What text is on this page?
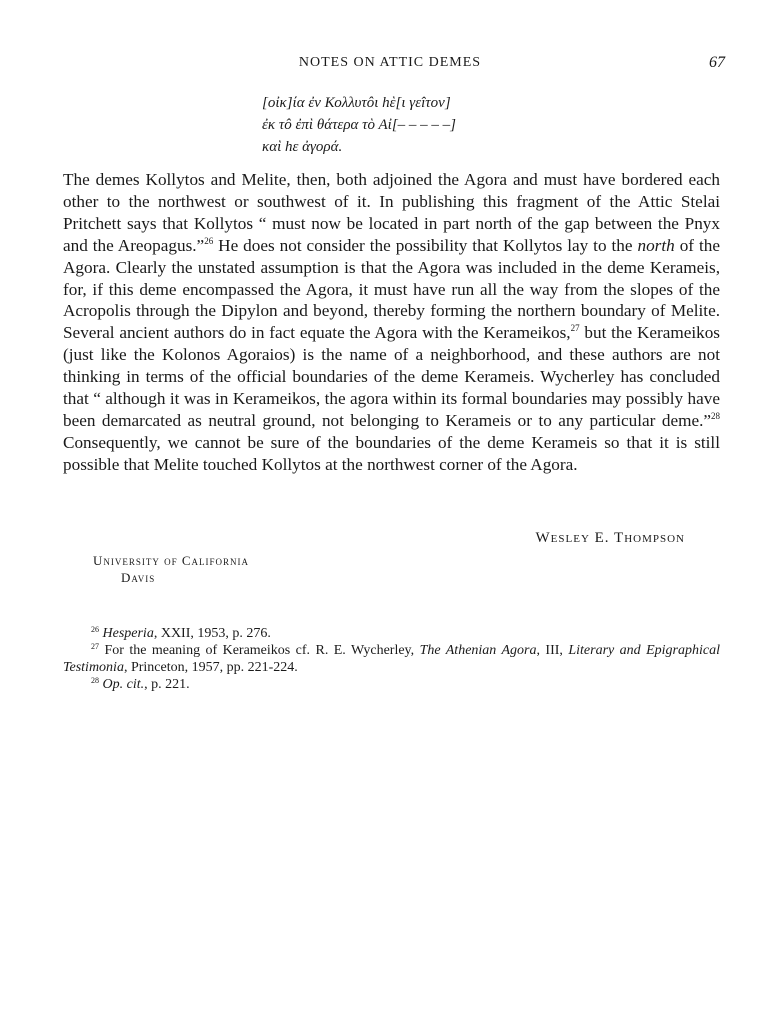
NOTES ON ATTIC DEMES	67
[οἰκ]ία ἐν Κολλυτôι hὲ[ι γεîτον]
ἐκ τô ἐπὶ θάτερα τὸ Αἰ[– – – – –]
καὶ hε ἀγορά.

The demes Kollytos and Melite, then, both adjoined the Agora and must have bordered each other to the northwest or southwest of it. In publishing this fragment of the Attic Stelai Pritchett says that Kollytos “ must now be located in part north of the gap between the Pnyx and the Areopagus.”$^{26}$ He does not consider the possibility that Kollytos lay to the north of the Agora. Clearly the unstated assumption is that the Agora was included in the deme Kerameis, for, if this deme encompassed the Agora, it must have run all the way from the slopes of the Acropolis through the Dipylon and beyond, thereby forming the northern boundary of Melite. Several ancient authors do in fact equate the Agora with the Kerameikos,$^{27}$ but the Kerameikos (just like the Kolonos Agoraios) is the name of a neighborhood, and these authors are not thinking in terms of the official boundaries of the deme Kerameis. Wycherley has concluded that “ although it was in Kerameikos, the agora within its formal boundaries may possibly have been demarcated as neutral ground, not belonging to Kerameis or to any particular deme.”$^{28}$ Consequently, we cannot be sure of the boundaries of the deme Kerameis so that it is still possible that Melite touched Kollytos at the northwest corner of the Agora.

Wesley E. Thompson
University of California
Davis

$^{26}$ Hesperia, XXII, 1953, p. 276.

$^{27}$ For the meaning of Kerameikos cf. R. E. Wycherley, The Athenian Agora, III, Literary and Epigraphical Testimonia, Princeton, 1957, pp. 221-224.

$^{28}$ Op. cit., p. 221.
